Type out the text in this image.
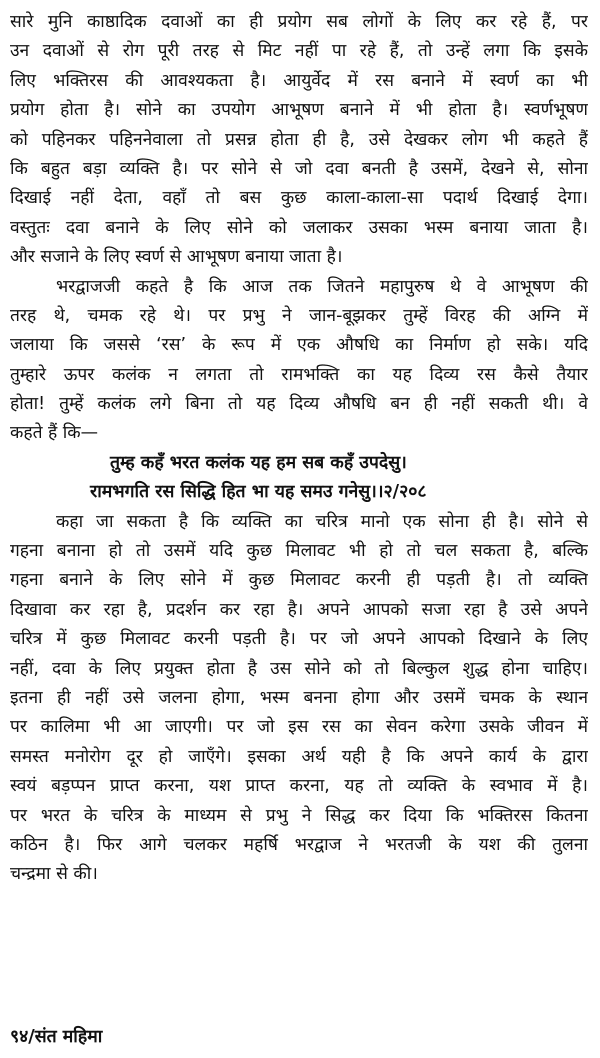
सारे मुनि काष्ठादिक दवाओं का ही प्रयोग सब लोगों के लिए कर रहे हैं, पर
उन दवाओं से रोग पूरी तरह से मिट नहीं पा रहे हैं, तो उन्हें लगा कि इसके
लिए भक्तिरस की आवश्यकता है। आयुर्वेद में रस बनाने में स्वर्ण का भी
प्रयोग होता है। सोने का उपयोग आभूषण बनाने में भी होता है। स्वर्णभूषण
को पहिनकर पहिननेवाला तो प्रसन्न होता ही है, उसे देखकर लोग भी कहते हैं
कि बहुत बड़ा व्यक्ति है। पर सोने से जो दवा बनती है उसमें, देखने से, सोना
दिखाई नहीं देता, वहाँ तो बस कुछ काला-काला-सा पदार्थ दिखाई देगा।
वस्तुतः दवा बनाने के लिए सोने को जलाकर उसका भस्म बनाया जाता है।
और सजाने के लिए स्वर्ण से आभूषण बनाया जाता है।
भरद्वाजजी कहते है कि आज तक जितने महापुरुष थे वे आभूषण की
तरह थे, चमक रहे थे। पर प्रभु ने जान-बूझकर तुम्हें विरह की अग्नि में
जलाया कि जससे ‘रस’ के रूप में एक औषधि का निर्माण हो सके। यदि
तुम्हारे ऊपर कलंक न लगता तो रामभक्ति का यह दिव्य रस कैसे तैयार
होता! तुम्हें कलंक लगे बिना तो यह दिव्य औषधि बन ही नहीं सकती थी। वे
कहते हैं कि—
तुम्ह कहँ भरत कलंक यह हम सब कहँ उपदेसु।
रामभगति रस सिद्धि हित भा यह समउ गनेसु।।२/२०८
कहा जा सकता है कि व्यक्ति का चरित्र मानो एक सोना ही है। सोने से
गहना बनाना हो तो उसमें यदि कुछ मिलावट भी हो तो चल सकता है, बल्कि
गहना बनाने के लिए सोने में कुछ मिलावट करनी ही पड़ती है। तो व्यक्ति
दिखावा कर रहा है, प्रदर्शन कर रहा है। अपने आपको सजा रहा है उसे अपने
चरित्र में कुछ मिलावट करनी पड़ती है। पर जो अपने आपको दिखाने के लिए
नहीं, दवा के लिए प्रयुक्त होता है उस सोने को तो बिल्कुल शुद्ध होना चाहिए।
इतना ही नहीं उसे जलना होगा, भस्म बनना होगा और उसमें चमक के स्थान
पर कालिमा भी आ जाएगी। पर जो इस रस का सेवन करेगा उसके जीवन में
समस्त मनोरोग दूर हो जाएँगे। इसका अर्थ यही है कि अपने कार्य के द्वारा
स्वयं बड़प्पन प्राप्त करना, यश प्राप्त करना, यह तो व्यक्ति के स्वभाव में है।
पर भरत के चरित्र के माध्यम से प्रभु ने सिद्ध कर दिया कि भक्तिरस कितना
कठिन है। फिर आगे चलकर महर्षि भरद्वाज ने भरतजी के यश की तुलना
चन्द्रमा से की।
९४/संत महिमा
